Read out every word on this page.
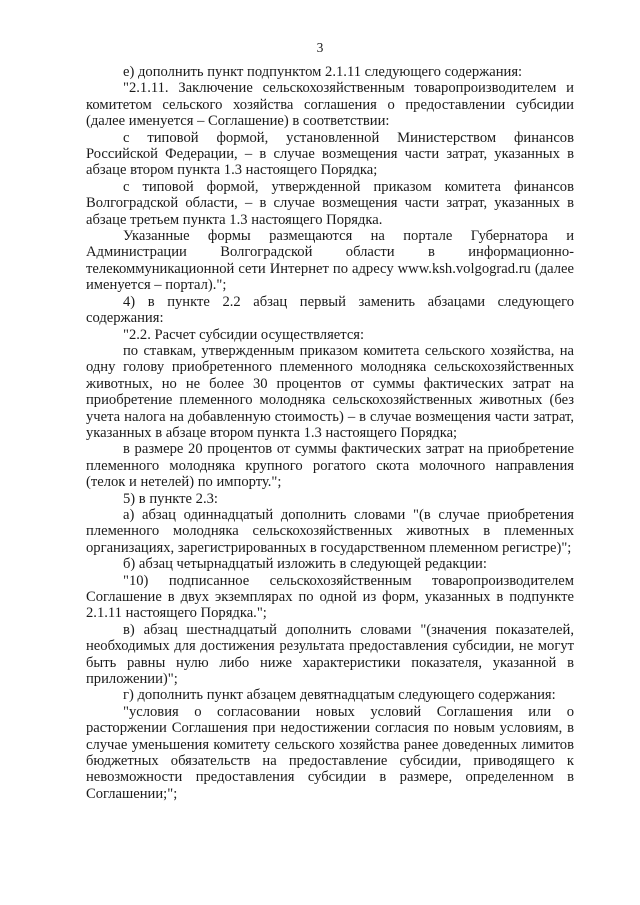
3

е) дополнить пункт подпунктом 2.1.11 следующего содержания:

"2.1.11. Заключение сельскохозяйственным товаропроизводителем и комитетом сельского хозяйства соглашения о предоставлении субсидии (далее именуется – Соглашение) в соответствии:

с типовой формой, установленной Министерством финансов Российской Федерации, – в случае возмещения части затрат, указанных в абзаце втором пункта 1.3 настоящего Порядка;

с типовой формой, утвержденной приказом комитета финансов Волгоградской области, – в случае возмещения части затрат, указанных в абзаце третьем пункта 1.3 настоящего Порядка.

Указанные формы размещаются на портале Губернатора и Администрации Волгоградской области в информационно-телекоммуникационной сети Интернет по адресу www.ksh.volgograd.ru (далее именуется – портал).";

4) в пункте 2.2 абзац первый заменить абзацами следующего содержания:

"2.2. Расчет субсидии осуществляется:

по ставкам, утвержденным приказом комитета сельского хозяйства, на одну голову приобретенного племенного молодняка сельскохозяйственных животных, но не более 30 процентов от суммы фактических затрат на приобретение племенного молодняка сельскохозяйственных животных (без учета налога на добавленную стоимость) – в случае возмещения части затрат, указанных в абзаце втором пункта 1.3 настоящего Порядка;

в размере 20 процентов от суммы фактических затрат на приобретение племенного молодняка крупного рогатого скота молочного направления (телок и нетелей) по импорту.";

5) в пункте 2.3:

а) абзац одиннадцатый дополнить словами "(в случае приобретения племенного молодняка сельскохозяйственных животных в племенных организациях, зарегистрированных в государственном племенном регистре)";

б) абзац четырнадцатый изложить в следующей редакции:

"10) подписанное сельскохозяйственным товаропроизводителем Соглашение в двух экземплярах по одной из форм, указанных в подпункте 2.1.11 настоящего Порядка.";

в) абзац шестнадцатый дополнить словами "(значения показателей, необходимых для достижения результата предоставления субсидии, не могут быть равны нулю либо ниже характеристики показателя, указанной в приложении)";

г) дополнить пункт абзацем девятнадцатым следующего содержания:

"условия о согласовании новых условий Соглашения или о расторжении Соглашения при недостижении согласия по новым условиям, в случае уменьшения комитету сельского хозяйства ранее доведенных лимитов бюджетных обязательств на предоставление субсидии, приводящего к невозможности предоставления субсидии в размере, определенном в Соглашении;";
